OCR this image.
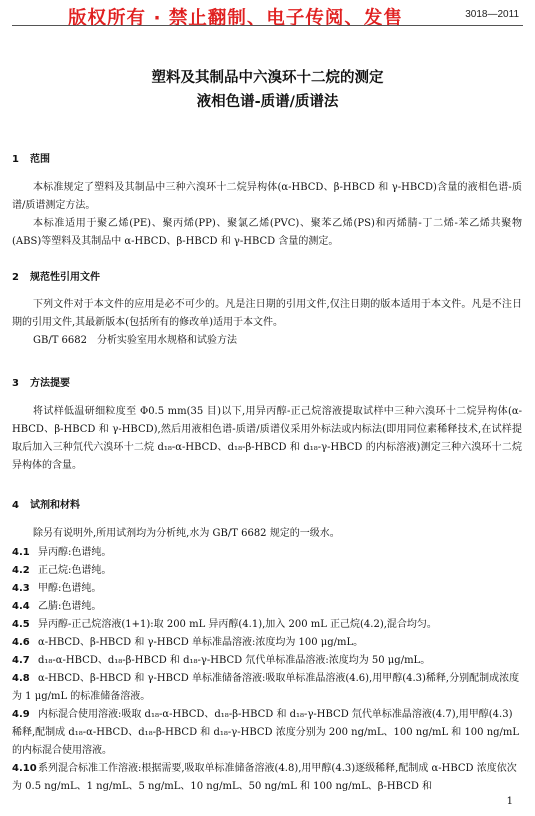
版权所有 · 禁止翻制、电子传阅、发售	3018—2011
塑料及其制品中六溴环十二烷的测定
液相色谱-质谱/质谱法
1 范围
本标准规定了塑料及其制品中三种六溴环十二烷异构体(α-HBCD、β-HBCD 和 γ-HBCD)含量的液相色谱-质谱/质谱测定方法。
本标准适用于聚乙烯(PE)、聚丙烯(PP)、聚氯乙烯(PVC)、聚苯乙烯(PS)和丙烯腈-丁二烯-苯乙烯共聚物(ABS)等塑料及其制品中 α-HBCD、β-HBCD 和 γ-HBCD 含量的测定。
2 规范性引用文件
下列文件对于本文件的应用是必不可少的。凡是注日期的引用文件,仅注日期的版本适用于本文件。凡是不注日期的引用文件,其最新版本(包括所有的修改单)适用于本文件。
GB/T 6682　分析实验室用水规格和试验方法
3 方法提要
将试样低温研细粒度至 Φ0.5 mm(35 目)以下,用异丙醇-正己烷溶液提取试样中三种六溴环十二烷异构体(α-HBCD、β-HBCD 和 γ-HBCD),然后用液相色谱-质谱/质谱仪采用外标法或内标法(即用同位素稀释技术,在试样提取后加入三种氘代六溴环十二烷 d₁₈-α-HBCD、d₁₈-β-HBCD 和 d₁₈-γ-HBCD 的内标溶液)测定三种六溴环十二烷异构体的含量。
4 试剂和材料
除另有说明外,所用试剂均为分析纯,水为 GB/T 6682 规定的一级水。
4.1 异丙醇:色谱纯。
4.2 正己烷:色谱纯。
4.3 甲醇:色谱纯。
4.4 乙腈:色谱纯。
4.5 异丙醇-正己烷溶液(1+1):取 200 mL 异丙醇(4.1),加入 200 mL 正己烷(4.2),混合均匀。
4.6 α-HBCD、β-HBCD 和 γ-HBCD 单标准晶溶液:浓度均为 100 μg/mL。
4.7 d₁₈-α-HBCD、d₁₈-β-HBCD 和 d₁₈-γ-HBCD 氘代单标准晶溶液:浓度均为 50 μg/mL。
4.8 α-HBCD、β-HBCD 和 γ-HBCD 单标准储备溶液:吸取单标准晶溶液(4.6),用甲醇(4.3)稀释,分别配制成浓度为 1 μg/mL 的标准储备溶液。
4.9 内标混合使用溶液:吸取 d₁₈-α-HBCD、d₁₈-β-HBCD 和 d₁₈-γ-HBCD 氘代单标准晶溶液(4.7),用甲醇(4.3)稀释,配制成 d₁₈-α-HBCD、d₁₈-β-HBCD 和 d₁₈-γ-HBCD 浓度分别为 200 ng/mL、100 ng/mL 和 100 ng/mL 的内标混合使用溶液。
4.10系列混合标准工作溶液:根据需要,吸取单标准储备溶液(4.8),用甲醇(4.3)逐级稀释,配制成 α-HBCD 浓度依次为 0.5 ng/mL、1 ng/mL、5 ng/mL、10 ng/mL、50 ng/mL 和 100 ng/mL、β-HBCD 和
1
